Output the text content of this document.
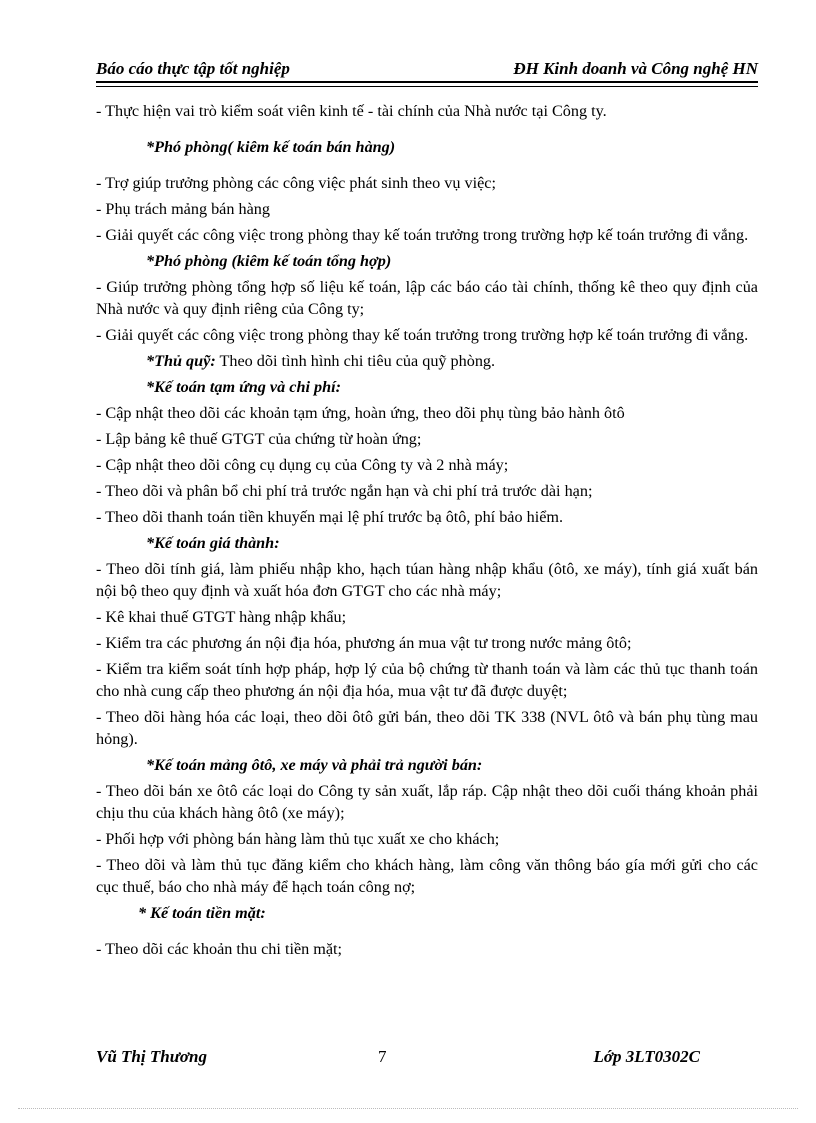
Báo cáo thực tập tốt nghiệp	ĐH Kinh doanh và Công nghệ HN

- Thực hiện vai trò kiểm soát viên kinh tế - tài chính của Nhà nước tại Công ty.

*Phó phòng( kiêm kế toán bán hàng)

- Trợ giúp trưởng phòng các công việc phát sinh theo vụ việc;

- Phụ trách mảng bán hàng

- Giải quyết các công việc trong phòng thay kế toán trưởng trong trường hợp kế toán trưởng đi vắng.

*Phó phòng (kiêm kế toán tổng hợp)

- Giúp trưởng phòng tổng hợp số liệu kế toán, lập các báo cáo tài chính, thống kê theo quy định của Nhà nước và quy định riêng của Công ty;

- Giải quyết các công việc trong phòng thay kế toán trưởng trong trường hợp kế toán trưởng đi vắng.

*Thủ quỹ: Theo dõi tình hình chi tiêu của quỹ phòng.

*Kế toán tạm ứng và chi phí:

- Cập nhật theo dõi các khoản tạm ứng, hoàn ứng, theo dõi phụ tùng bảo hành ôtô

- Lập bảng kê thuế GTGT của chứng từ hoàn ứng;

- Cập nhật theo dõi công cụ dụng cụ của Công ty và 2 nhà máy;

- Theo dõi và phân bổ chi phí trả trước ngắn hạn và chi phí trả trước dài hạn;

- Theo dõi thanh toán tiền khuyến mại lệ phí trước bạ ôtô, phí bảo hiểm.

*Kế toán giá thành:

- Theo dõi tính giá, làm phiếu nhập kho, hạch túan hàng nhập khẩu (ôtô, xe máy), tính giá xuất bán nội bộ theo quy định và xuất hóa đơn GTGT cho các nhà máy;

- Kê khai thuế GTGT hàng nhập khẩu;

- Kiểm tra các phương án nội địa hóa, phương án mua vật tư trong nước mảng ôtô;

- Kiểm tra kiểm soát tính hợp pháp, hợp lý của bộ chứng từ thanh toán và làm các thủ tục thanh toán cho nhà cung cấp theo phương án nội địa hóa, mua vật tư đã được duyệt;

- Theo dõi hàng hóa các loại, theo dõi ôtô gửi bán, theo dõi TK 338 (NVL ôtô và bán phụ tùng mau hỏng).

*Kế toán mảng ôtô, xe máy và phải trả người bán:

- Theo dõi bán xe ôtô các loại do Công ty sản xuất, lắp ráp. Cập nhật theo dõi cuối tháng khoản phải chịu thu của khách hàng ôtô (xe máy);

- Phối hợp với phòng bán hàng làm thủ tục xuất xe cho khách;

- Theo dõi và làm thủ tục đăng kiểm cho khách hàng, làm công văn thông báo gía mới gửi cho các cục thuế, báo cho nhà máy để hạch toán công nợ;

* Kế toán tiền mặt:

- Theo dõi các khoản thu chi tiền mặt;

Vũ Thị Thương	7	Lớp 3LT0302C
